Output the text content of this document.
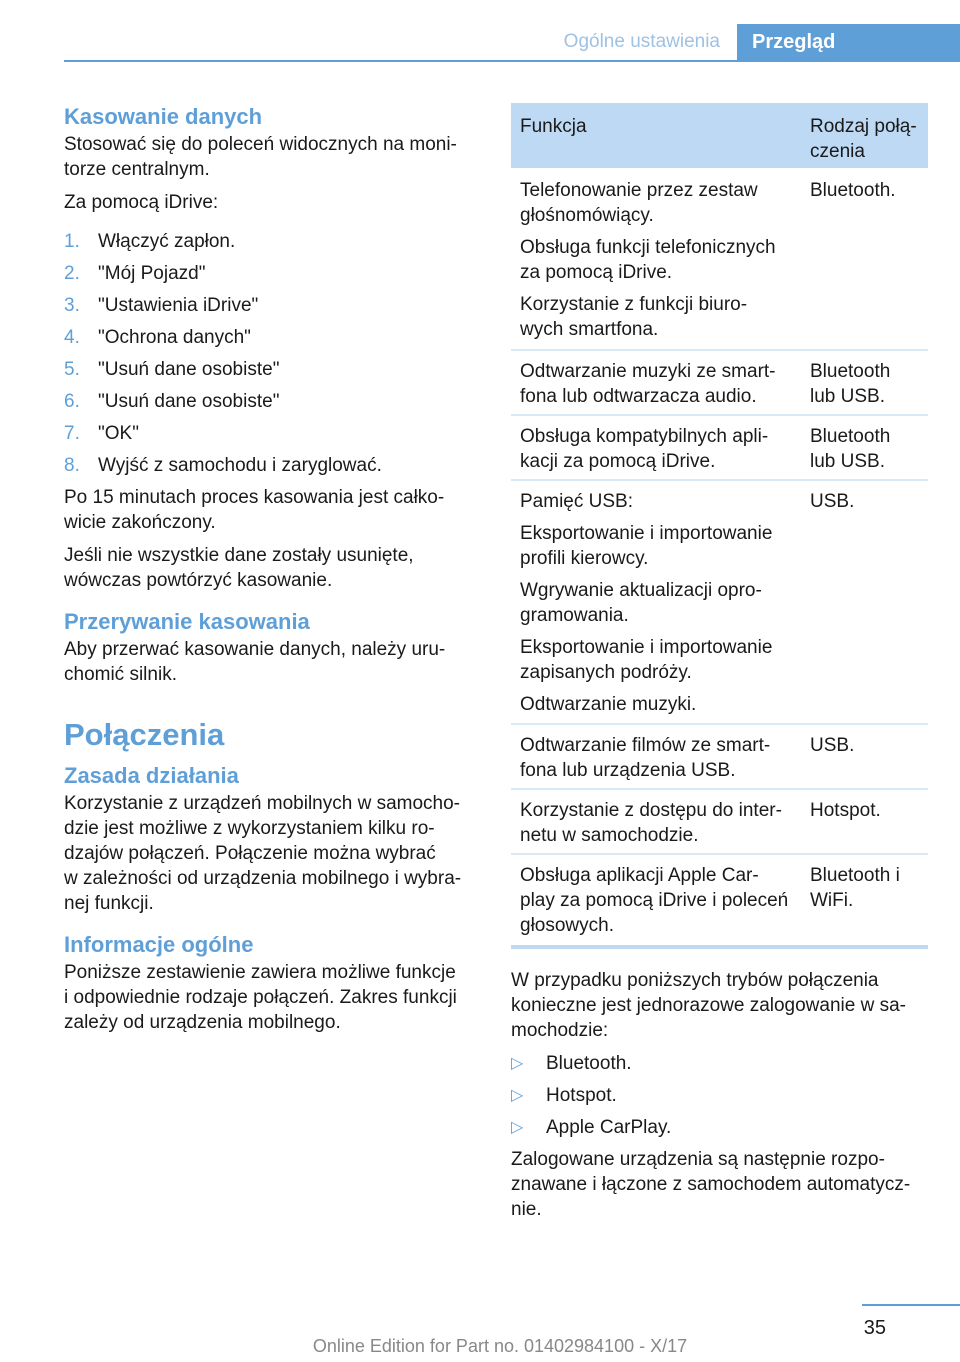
Ogólne ustawienia	Przegląd
Kasowanie danych
Stosować się do poleceń widocznych na moni-
torze centralnym.
Za pomocą iDrive:
1. Włączyć zapłon.
2. "Mój Pojazd"
3. "Ustawienia iDrive"
4. "Ochrona danych"
5. "Usuń dane osobiste"
6. "Usuń dane osobiste"
7. "OK"
8. Wyjść z samochodu i zaryglować.
Po 15 minutach proces kasowania jest całko-
wicie zakończony.
Jeśli nie wszystkie dane zostały usunięte,
wówczas powtórzyć kasowanie.
Przerywanie kasowania
Aby przerwać kasowanie danych, należy uru-
chomić silnik.
Połączenia
Zasada działania
Korzystanie z urządzeń mobilnych w samocho-
dzie jest możliwe z wykorzystaniem kilku ro-
dzajów połączeń. Połączenie można wybrać
w zależności od urządzenia mobilnego i wybra-
nej funkcji.
Informacje ogólne
Poniższe zestawienie zawiera możliwe funkcje
i odpowiednie rodzaje połączeń. Zakres funkcji
zależy od urządzenia mobilnego.
Funkcja	Rodzaj połą-
czenia
Telefonowanie przez zestaw
głośnomówiący.
Obsługa funkcji telefonicznych
za pomocą iDrive.
Korzystanie z funkcji biuro-
wych smartfona.
Bluetooth.
Odtwarzanie muzyki ze smart-
fona lub odtwarzacza audio.
Bluetooth
lub USB.
Obsługa kompatybilnych apli-
kacji za pomocą iDrive.
Bluetooth
lub USB.
Pamięć USB:
Eksportowanie i importowanie
profili kierowcy.
Wgrywanie aktualizacji opro-
gramowania.
Eksportowanie i importowanie
zapisanych podróży.
Odtwarzanie muzyki.
USB.
Odtwarzanie filmów ze smart-
fona lub urządzenia USB.
USB.
Korzystanie z dostępu do inter-
netu w samochodzie.
Hotspot.
Obsługa aplikacji Apple Car-
play za pomocą iDrive i poleceń
głosowych.
Bluetooth i
WiFi.
W przypadku poniższych trybów połączenia
konieczne jest jednorazowe zalogowanie w sa-
mochodzie:
▷ Bluetooth.
▷ Hotspot.
▷ Apple CarPlay.
Zalogowane urządzenia są następnie rozpo-
znawane i łączone z samochodem automatycz-
nie.
35
Online Edition for Part no. 01402984100 - X/17
